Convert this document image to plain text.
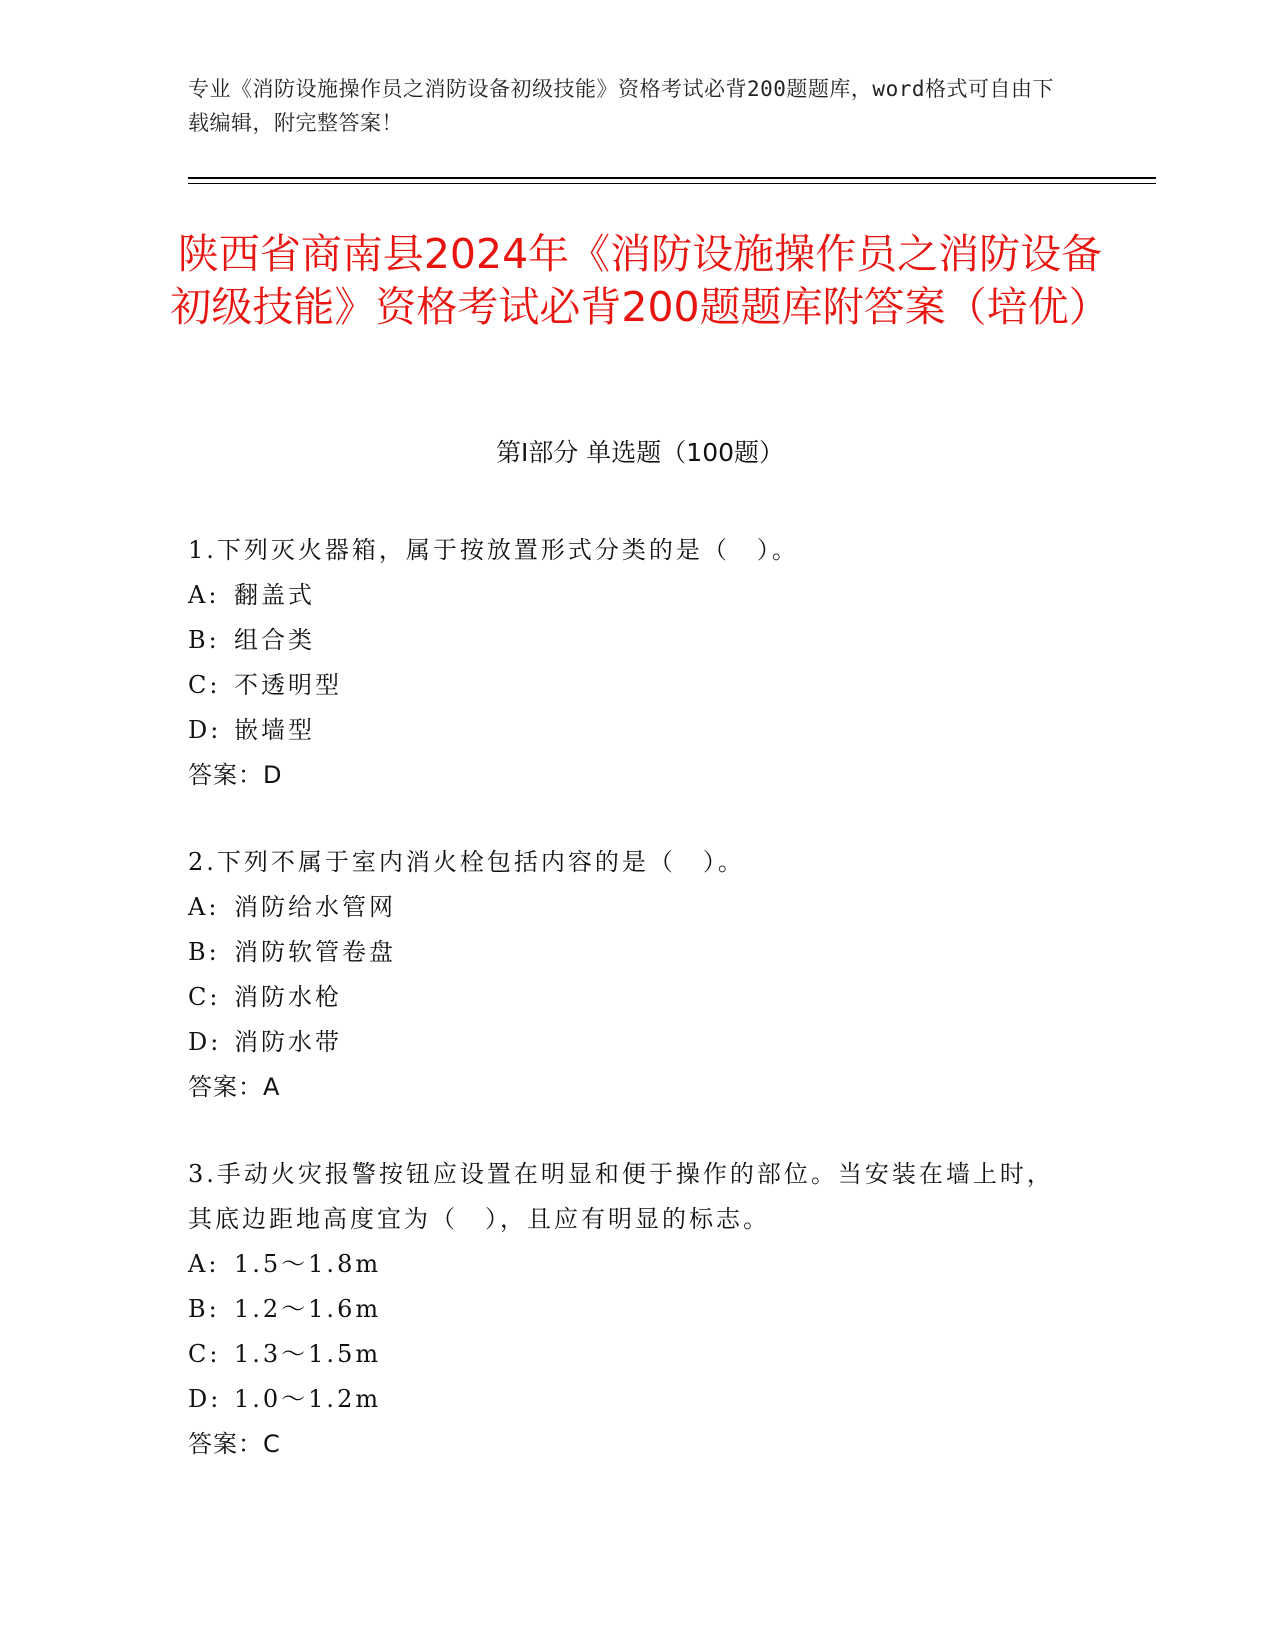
专业《消防设施操作员之消防设备初级技能》资格考试必背200题题库，word格式可自由下载编辑，附完整答案！
陕西省商南县2024年《消防设施操作员之消防设备初级技能》资格考试必背200题题库附答案（培优）
第Ⅰ部分 单选题（100题）
1.下列灭火器箱，属于按放置形式分类的是（　）。
A: 翻盖式
B: 组合类
C: 不透明型
D: 嵌墙型
答案：D
2.下列不属于室内消火栓包括内容的是（　）。
A: 消防给水管网
B: 消防软管卷盘
C: 消防水枪
D: 消防水带
答案：A
3.手动火灾报警按钮应设置在明显和便于操作的部位。当安装在墙上时，其底边距地高度宜为（　），且应有明显的标志。
A: 1.5～1.8m
B: 1.2～1.6m
C: 1.3～1.5m
D: 1.0～1.2m
答案：C
